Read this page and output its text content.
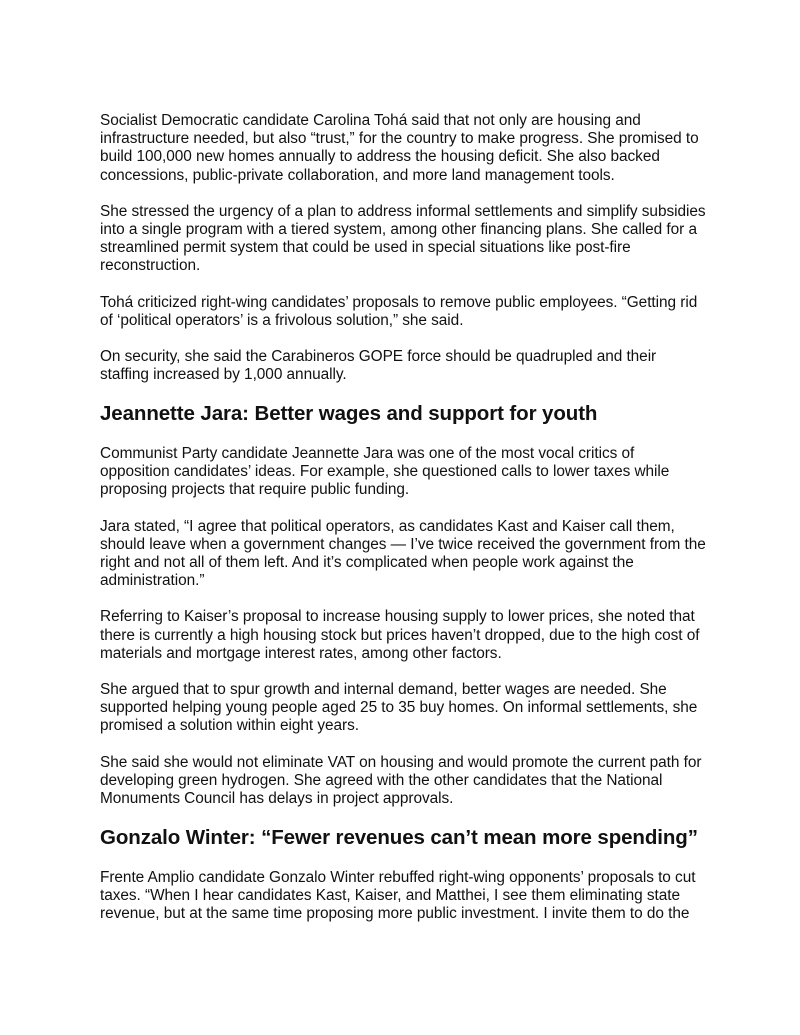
Socialist Democratic candidate Carolina Tohá said that not only are housing and infrastructure needed, but also “trust,” for the country to make progress. She promised to build 100,000 new homes annually to address the housing deficit. She also backed concessions, public-private collaboration, and more land management tools.

She stressed the urgency of a plan to address informal settlements and simplify subsidies into a single program with a tiered system, among other financing plans. She called for a streamlined permit system that could be used in special situations like post-fire reconstruction.

Tohá criticized right-wing candidates’ proposals to remove public employees. “Getting rid of ‘political operators’ is a frivolous solution,” she said.

On security, she said the Carabineros GOPE force should be quadrupled and their staffing increased by 1,000 annually.

Jeannette Jara: Better wages and support for youth

Communist Party candidate Jeannette Jara was one of the most vocal critics of opposition candidates’ ideas. For example, she questioned calls to lower taxes while proposing projects that require public funding.

Jara stated, “I agree that political operators, as candidates Kast and Kaiser call them, should leave when a government changes — I’ve twice received the government from the right and not all of them left. And it’s complicated when people work against the administration.”

Referring to Kaiser’s proposal to increase housing supply to lower prices, she noted that there is currently a high housing stock but prices haven’t dropped, due to the high cost of materials and mortgage interest rates, among other factors.

She argued that to spur growth and internal demand, better wages are needed. She supported helping young people aged 25 to 35 buy homes. On informal settlements, she promised a solution within eight years.

She said she would not eliminate VAT on housing and would promote the current path for developing green hydrogen. She agreed with the other candidates that the National Monuments Council has delays in project approvals.

Gonzalo Winter: “Fewer revenues can’t mean more spending”

Frente Amplio candidate Gonzalo Winter rebuffed right-wing opponents’ proposals to cut taxes. “When I hear candidates Kast, Kaiser, and Matthei, I see them eliminating state revenue, but at the same time proposing more public investment. I invite them to do the
